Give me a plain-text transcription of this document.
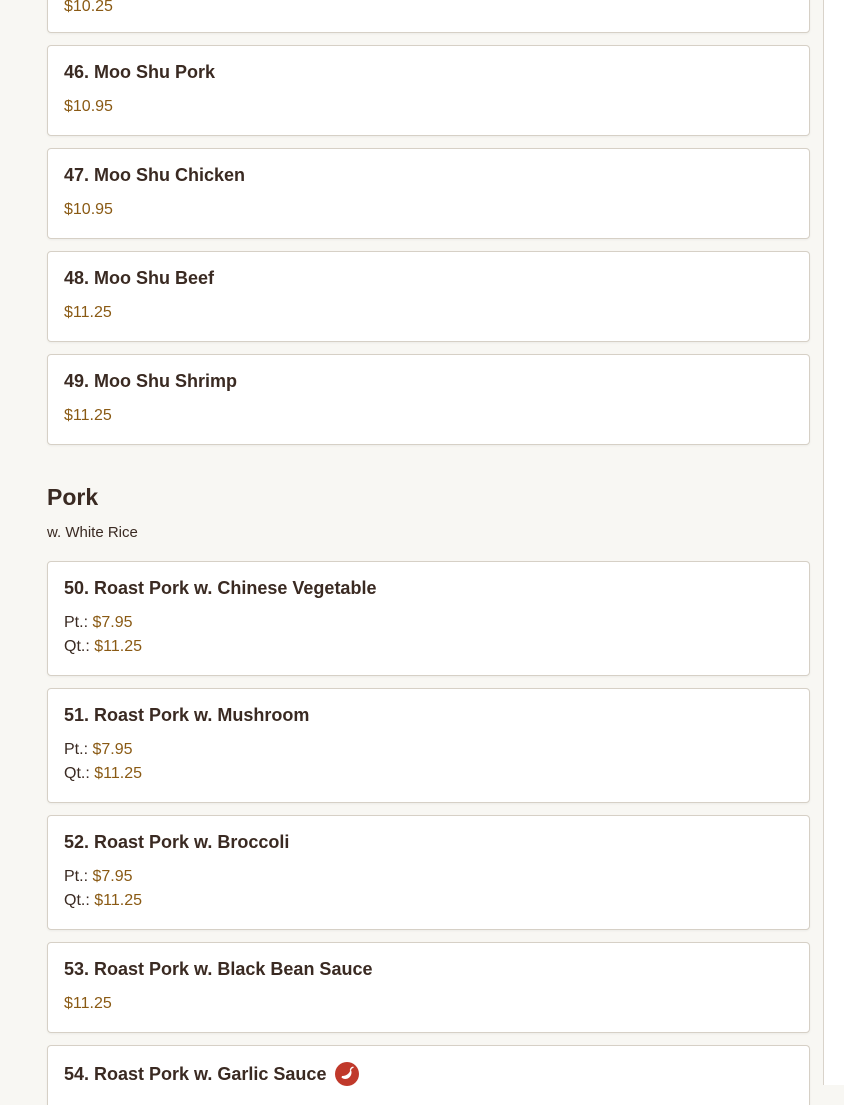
$10.25
46. Moo Shu Pork
$10.95
47. Moo Shu Chicken
$10.95
48. Moo Shu Beef
$11.25
49. Moo Shu Shrimp
$11.25
Pork
w. White Rice
50. Roast Pork w. Chinese Vegetable
Pt.: $7.95
Qt.: $11.25
51. Roast Pork w. Mushroom
Pt.: $7.95
Qt.: $11.25
52. Roast Pork w. Broccoli
Pt.: $7.95
Qt.: $11.25
53. Roast Pork w. Black Bean Sauce
$11.25
54. Roast Pork w. Garlic Sauce
